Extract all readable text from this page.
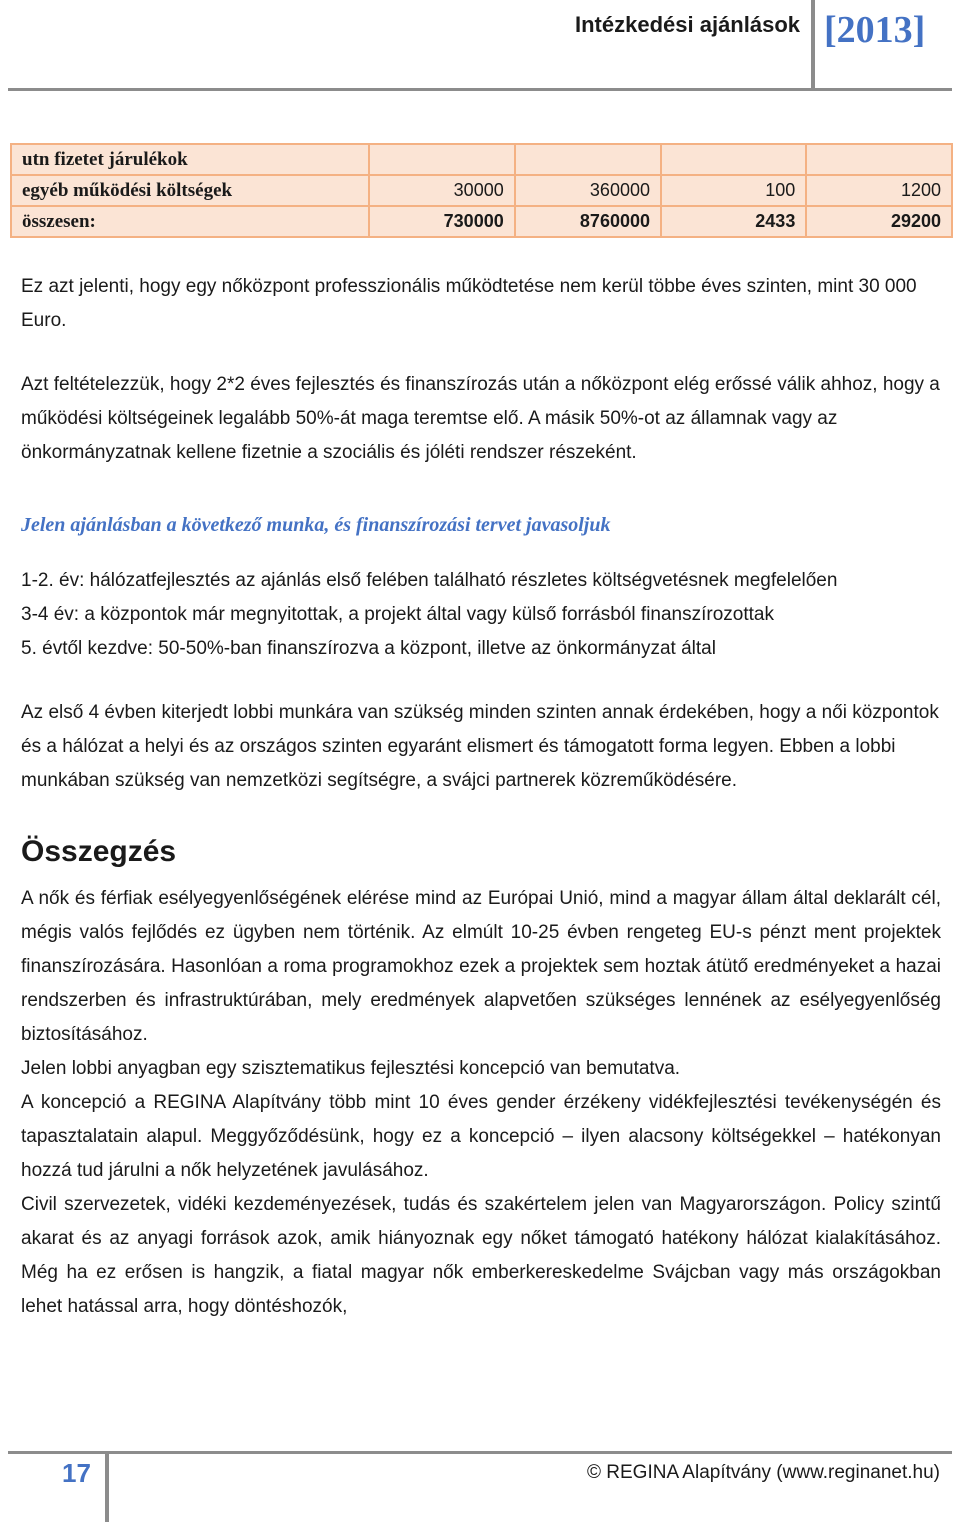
Intézkedési ajánlások [2013]
utn fizetet járulékok				
egyéb működési költségek	30000	360000	100	1200
összesen:	730000	8760000	2433	29200

Ez azt jelenti, hogy egy nőközpont professzionális működtetése nem kerül többe éves szinten, mint 30 000 Euro.

Azt feltételezzük, hogy 2*2 éves fejlesztés és finanszírozás után a nőközpont elég erőssé válik ahhoz, hogy a működési költségeinek legalább 50%-át maga teremtse elő. A másik 50%-ot az államnak vagy az önkormányzatnak kellene fizetnie a szociális és jóléti rendszer részeként.

Jelen ajánlásban a következő munka, és finanszírozási tervet javasoljuk

1-2. év: hálózatfejlesztés az ajánlás első felében található részletes költségvetésnek megfelelően

3-4 év: a központok már megnyitottak, a projekt által vagy külső forrásból finanszírozottak

5. évtől kezdve: 50-50%-ban finanszírozva a központ, illetve az önkormányzat által

Az első 4 évben kiterjedt lobbi munkára van szükség minden szinten annak érdekében, hogy a női központok és a hálózat a helyi és az országos szinten egyaránt elismert és támogatott forma legyen. Ebben a lobbi munkában szükség van nemzetközi segítségre, a svájci partnerek közreműködésére.

Összegzés

A nők és férfiak esélyegyenlőségének elérése mind az Európai Unió, mind a magyar állam által deklarált cél, mégis valós fejlődés ez ügyben nem történik. Az elmúlt 10-25 évben rengeteg EU-s pénzt ment projektek finanszírozására. Hasonlóan a roma programokhoz ezek a projektek sem hoztak átütő eredményeket a hazai rendszerben és infrastruktúrában, mely eredmények alapvetően szükséges lennének az esélyegyenlőség biztosításához.

Jelen lobbi anyagban egy szisztematikus fejlesztési koncepció van bemutatva.

A koncepció a REGINA Alapítvány több mint 10 éves gender érzékeny vidékfejlesztési tevékenységén és tapasztalatain alapul. Meggyőződésünk, hogy ez a koncepció – ilyen alacsony költségekkel – hatékonyan hozzá tud járulni a nők helyzetének javulásához.

Civil szervezetek, vidéki kezdeményezések, tudás és szakértelem jelen van Magyarországon. Policy szintű akarat és az anyagi források azok, amik hiányoznak egy nőket támogató hatékony hálózat kialakításához. Még ha ez erősen is hangzik, a fiatal magyar nők emberkereskedelme Svájcban vagy más országokban lehet hatással arra, hogy döntéshozók,

17	© REGINA Alapítvány (www.reginanet.hu)
